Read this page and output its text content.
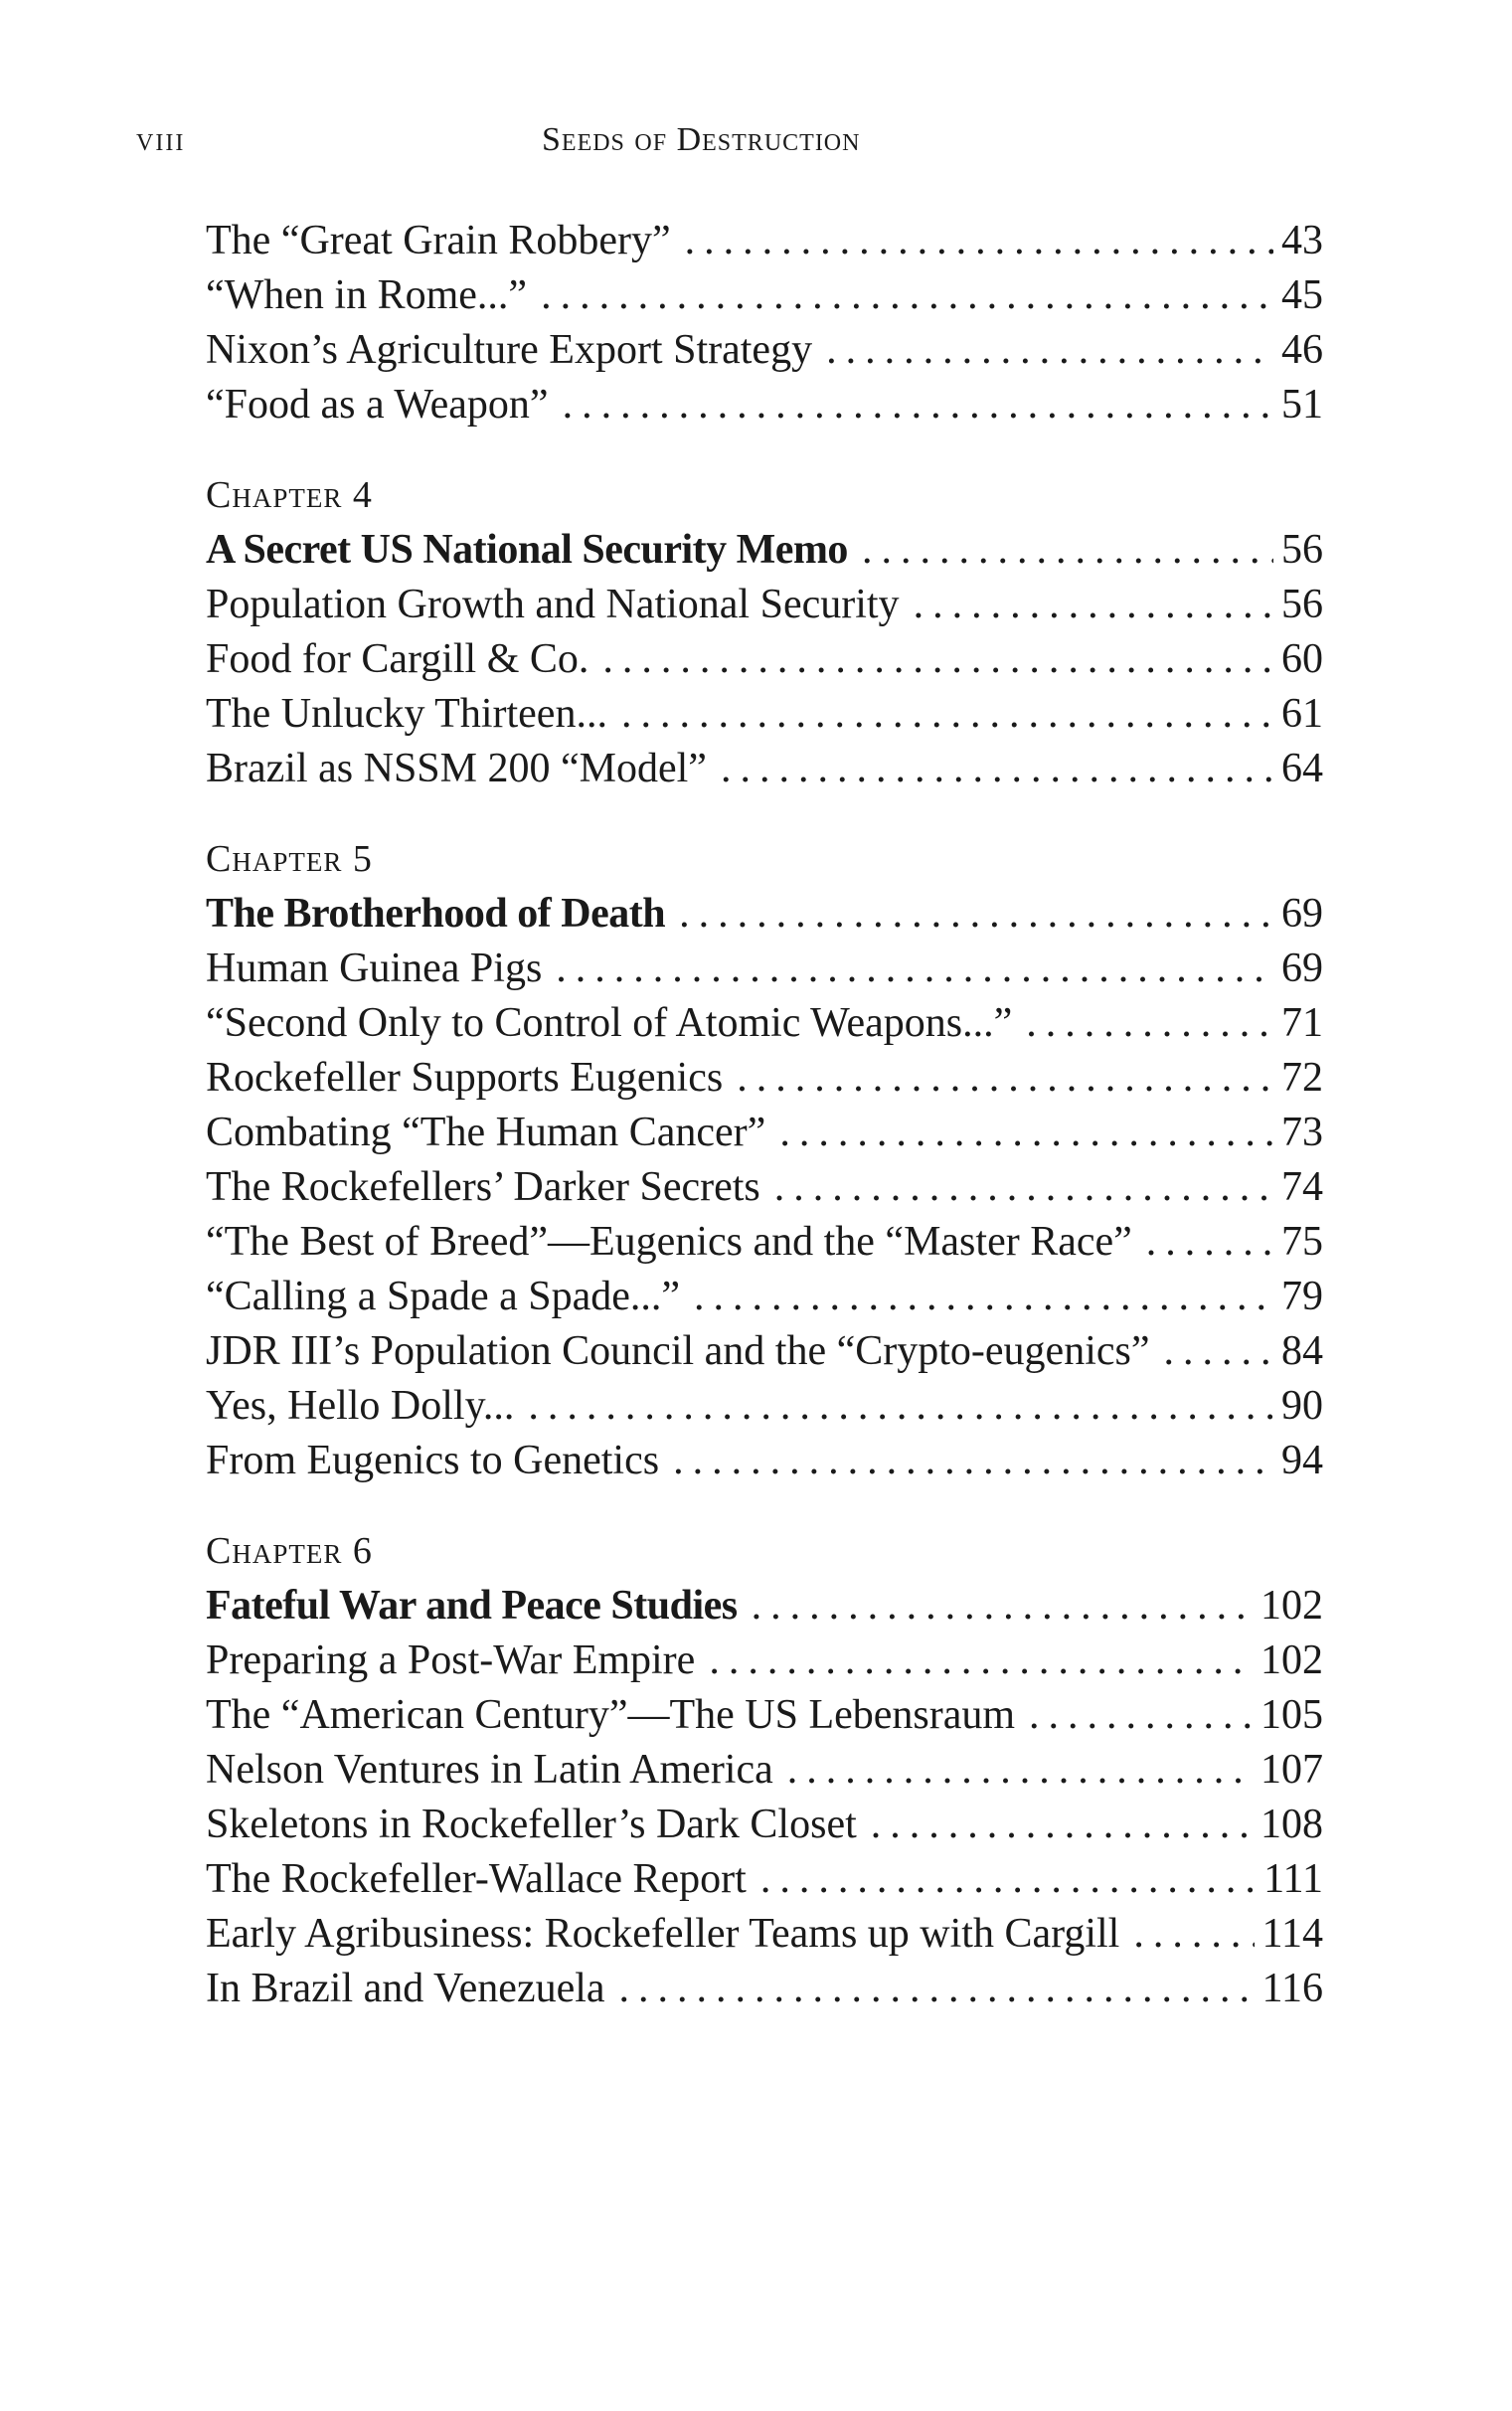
viii	Seeds of Destruction
The “Great Grain Robbery” .....	43
“When in Rome...” .....	45
Nixon’s Agriculture Export Strategy .....	46
“Food as a Weapon” .....	51
Chapter 4
A Secret US National Security Memo .....	56
Population Growth and National Security .....	56
Food for Cargill & Co. .....	60
The Unlucky Thirteen... .....	61
Brazil as NSSM 200 “Model” .....	64
Chapter 5
The Brotherhood of Death .....	69
Human Guinea Pigs .....	69
“Second Only to Control of Atomic Weapons...” .....	71
Rockefeller Supports Eugenics .....	72
Combating “The Human Cancer” .....	73
The Rockefellers’ Darker Secrets .....	74
“The Best of Breed”—Eugenics and the “Master Race” .....	75
“Calling a Spade a Spade...” .....	79
JDR III’s Population Council and the “Crypto-eugenics” .....	84
Yes, Hello Dolly... .....	90
From Eugenics to Genetics .....	94
Chapter 6
Fateful War and Peace Studies .....	102
Preparing a Post-War Empire .....	102
The “American Century”—The US Lebensraum .....	105
Nelson Ventures in Latin America .....	107
Skeletons in Rockefeller’s Dark Closet .....	108
The Rockefeller-Wallace Report .....	111
Early Agribusiness: Rockefeller Teams up with Cargill .....	114
In Brazil and Venezuela .....	116
